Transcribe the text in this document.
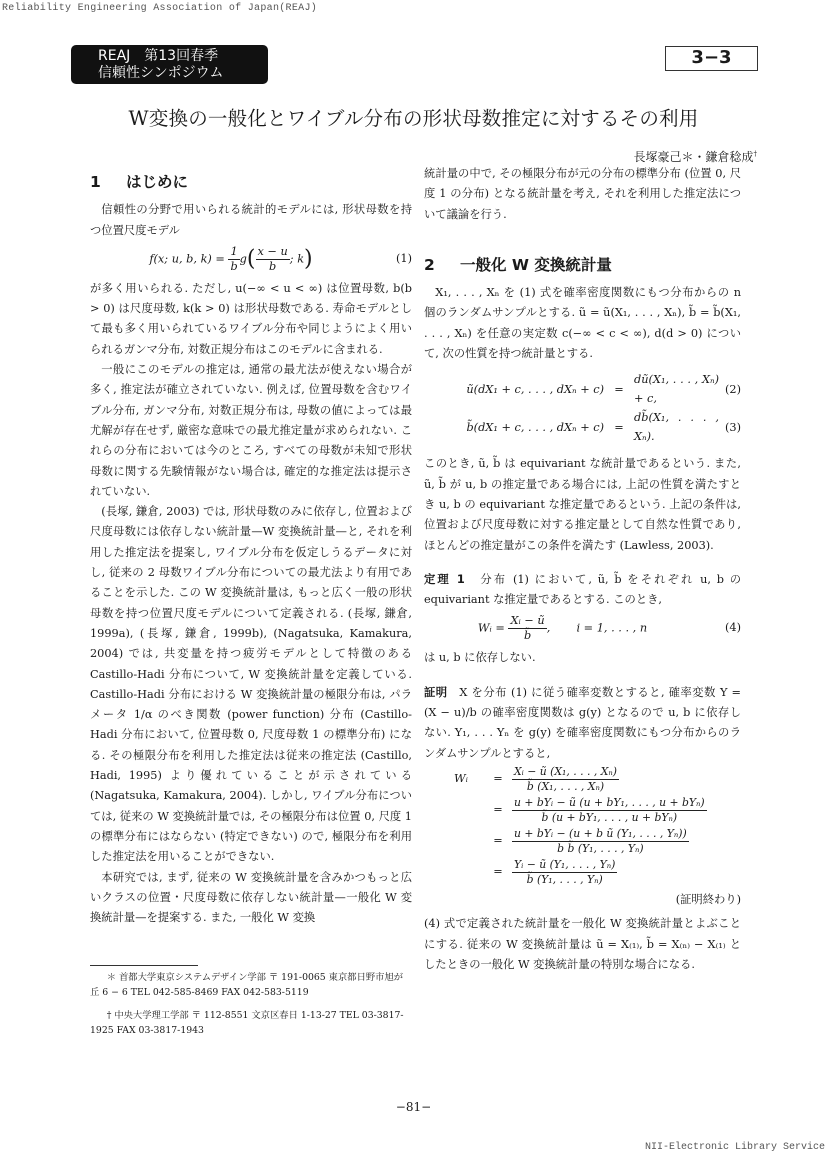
Reliability Engineering Association of Japan(REAJ)
REAJ　第13回春季
信頼性シンポジウム
3−3
W変換の一般化とワイブル分布の形状母数推定に対するその利用
長塚豪己＊・鎌倉稔成†
1 はじめに

信頼性の分野で用いられる統計的モデルには, 形状母数を持つ位置尺度モデル

f(x; u, b, $k) = \frac{1}{b} g( \frac{x - u}{b}$ ; k)	(1)

が多く用いられる. ただし, u(−∞ < u < ∞) は位置母数, b(b > 0) は尺度母数, k(k > 0) は形状母数である. 寿命モデルとして最も多く用いられているワイブル分布や同じようによく用いられるガンマ分布, 対数正規分布はこのモデルに含まれる.

一般にこのモデルの推定は, 通常の最尤法が使えない場合が多く, 推定法が確立されていない. 例えば, 位置母数を含むワイブル分布, ガンマ分布, 対数正規分布は, 母数の値によっては最尤解が存在せず, 厳密な意味での最尤推定量が求められない. これらの分布においては今のところ, すべての母数が未知で形状母数に関する先験情報がない場合は, 確定的な推定法は提示されていない.

(長塚, 鎌倉, 2003) では, 形状母数のみに依存し, 位置および尺度母数には依存しない統計量—W 変換統計量—と, それを利用した推定法を提案し, ワイブル分布を仮定しうるデータに対し, 従来の 2 母数ワイブル分布についての最尤法より有用であることを示した. この W 変換統計量は, もっと広く一般の形状母数を持つ位置尺度モデルについて定義される. (長塚, 鎌倉, 1999a), (長塚, 鎌倉, 1999b), (Nagatsuka, Kamakura, 2004) では, 共変量を持つ疲労モデルとして特徴のある Castillo-Hadi 分布について, W 変換統計量を定義している. Castillo-Hadi 分布における W 変換統計量の極限分布は, パラメータ 1/α のべき関数 (power function) 分布 (Castillo-Hadi 分布において, 位置母数 0, 尺度母数 1 の標準分布) になる. その極限分布を利用した推定法は従来の推定法 (Castillo, Hadi, 1995) より優れていることが示されている (Nagatsuka, Kamakura, 2004). しかし, ワイブル分布については, 従来の W 変換統計量では, その極限分布は位置 0, 尺度 1 の標準分布にはならない (特定できない) ので, 極限分布を利用した推定法を用いることができない.

本研究では, まず, 従来の W 変換統計量を含みかつもっと広いクラスの位置・尺度母数に依存しない統計量—一般化 W 変換統計量—を提案する. また, 一般化 W 変換

＊ 首都大学東京システムデザイン学部 〒 191-0065 東京都日野市旭が丘 6 − 6 TEL 042-585-8469 FAX 042-583-5119

† 中央大学理工学部 〒 112-8551 文京区春日 1-13-27 TEL 03-3817-1925 FAX 03-3817-1943

統計量の中で, その極限分布が元の分布の標準分布 (位置 0, 尺度 1 の分布) となる統計量を考え, それを利用した推定法について議論を行う.

2 一般化 W 変換統計量

X₁, . . . , Xₙ を (1) 式を確率密度関数にもつ分布からの n 個のランダムサンプルとする. ũ = ũ(X₁, . . . , Xₙ), b̃ = b̃(X₁, . . . , Xₙ) を任意の実定数 c(−∞ < c < ∞), d(d > 0) について, 次の性質を持つ統計量とする.

ũ(dX₁ + c, . . . , dXₙ + c) =
dũ(X₁, . . . , Xₙ) + c,
(2)
b̃(dX₁ + c, . . . , dXₙ + c) =
db̃(X₁, . . . , Xₙ).
(3)

このとき, ũ, b̃ は equivariant な統計量であるという. また, ũ, b̃ が u, b の推定量である場合には, 上記の性質を満たすとき u, b の equivariant な推定量であるという. 上記の条件は, 位置および尺度母数に対する推定量として自然な性質であり, ほとんどの推定量がこの条件を満たす (Lawless, 2003).

定理 1　 分布 (1) において, ũ, b̃ をそれぞれ u, b の equivariant な推定量であるとする. このとき,

Wᵢ = $\frac{\text{Xᵢ − ũ}}{b̃}$ ,　　 i = 1, . . . , n	(4)

は u, b に依存しない.

証明　 X を分布 (1) に従う確率変数とすると, 確率変数 Y = (X − u)/b の確率密度関数は g(y) となるので u, b に依存しない. Y₁, . . . Yₙ を g(y) を確率密度関数にもつ分布からのランダムサンプルとすると,

Wᵢ	= $\frac{\text{Xᵢ − ũ (X₁, . . . , Xₙ)}}{\text{b̃ (X₁, . . . , Xₙ)}}$
= $\frac{\text{u + bYᵢ − ũ (u + bY₁, . . . , u + bYₙ)}}{\text{b̃ (u + bY₁, . . . , u + bYₙ)}}$
= $\frac{\text{u + bYᵢ − (u + b ũ (Y₁, . . . , Yₙ))}}{\text{b b̃ (Y₁, . . . , Yₙ)}}$
= $\frac{\text{Yᵢ − ũ (Y₁, . . . , Yₙ)}}{\text{b̃ (Y₁, . . . , Yₙ)}}$

(証明終わり)

(4) 式で定義された統計量を一般化 W 変換統計量とよぶことにする. 従来の W 変換統計量は ũ = X₍₁₎, b̃ = X₍ₙ₎ − X₍₁₎ としたときの一般化 W 変換統計量の特別な場合になる.

−81−
NII-Electronic Library Service
